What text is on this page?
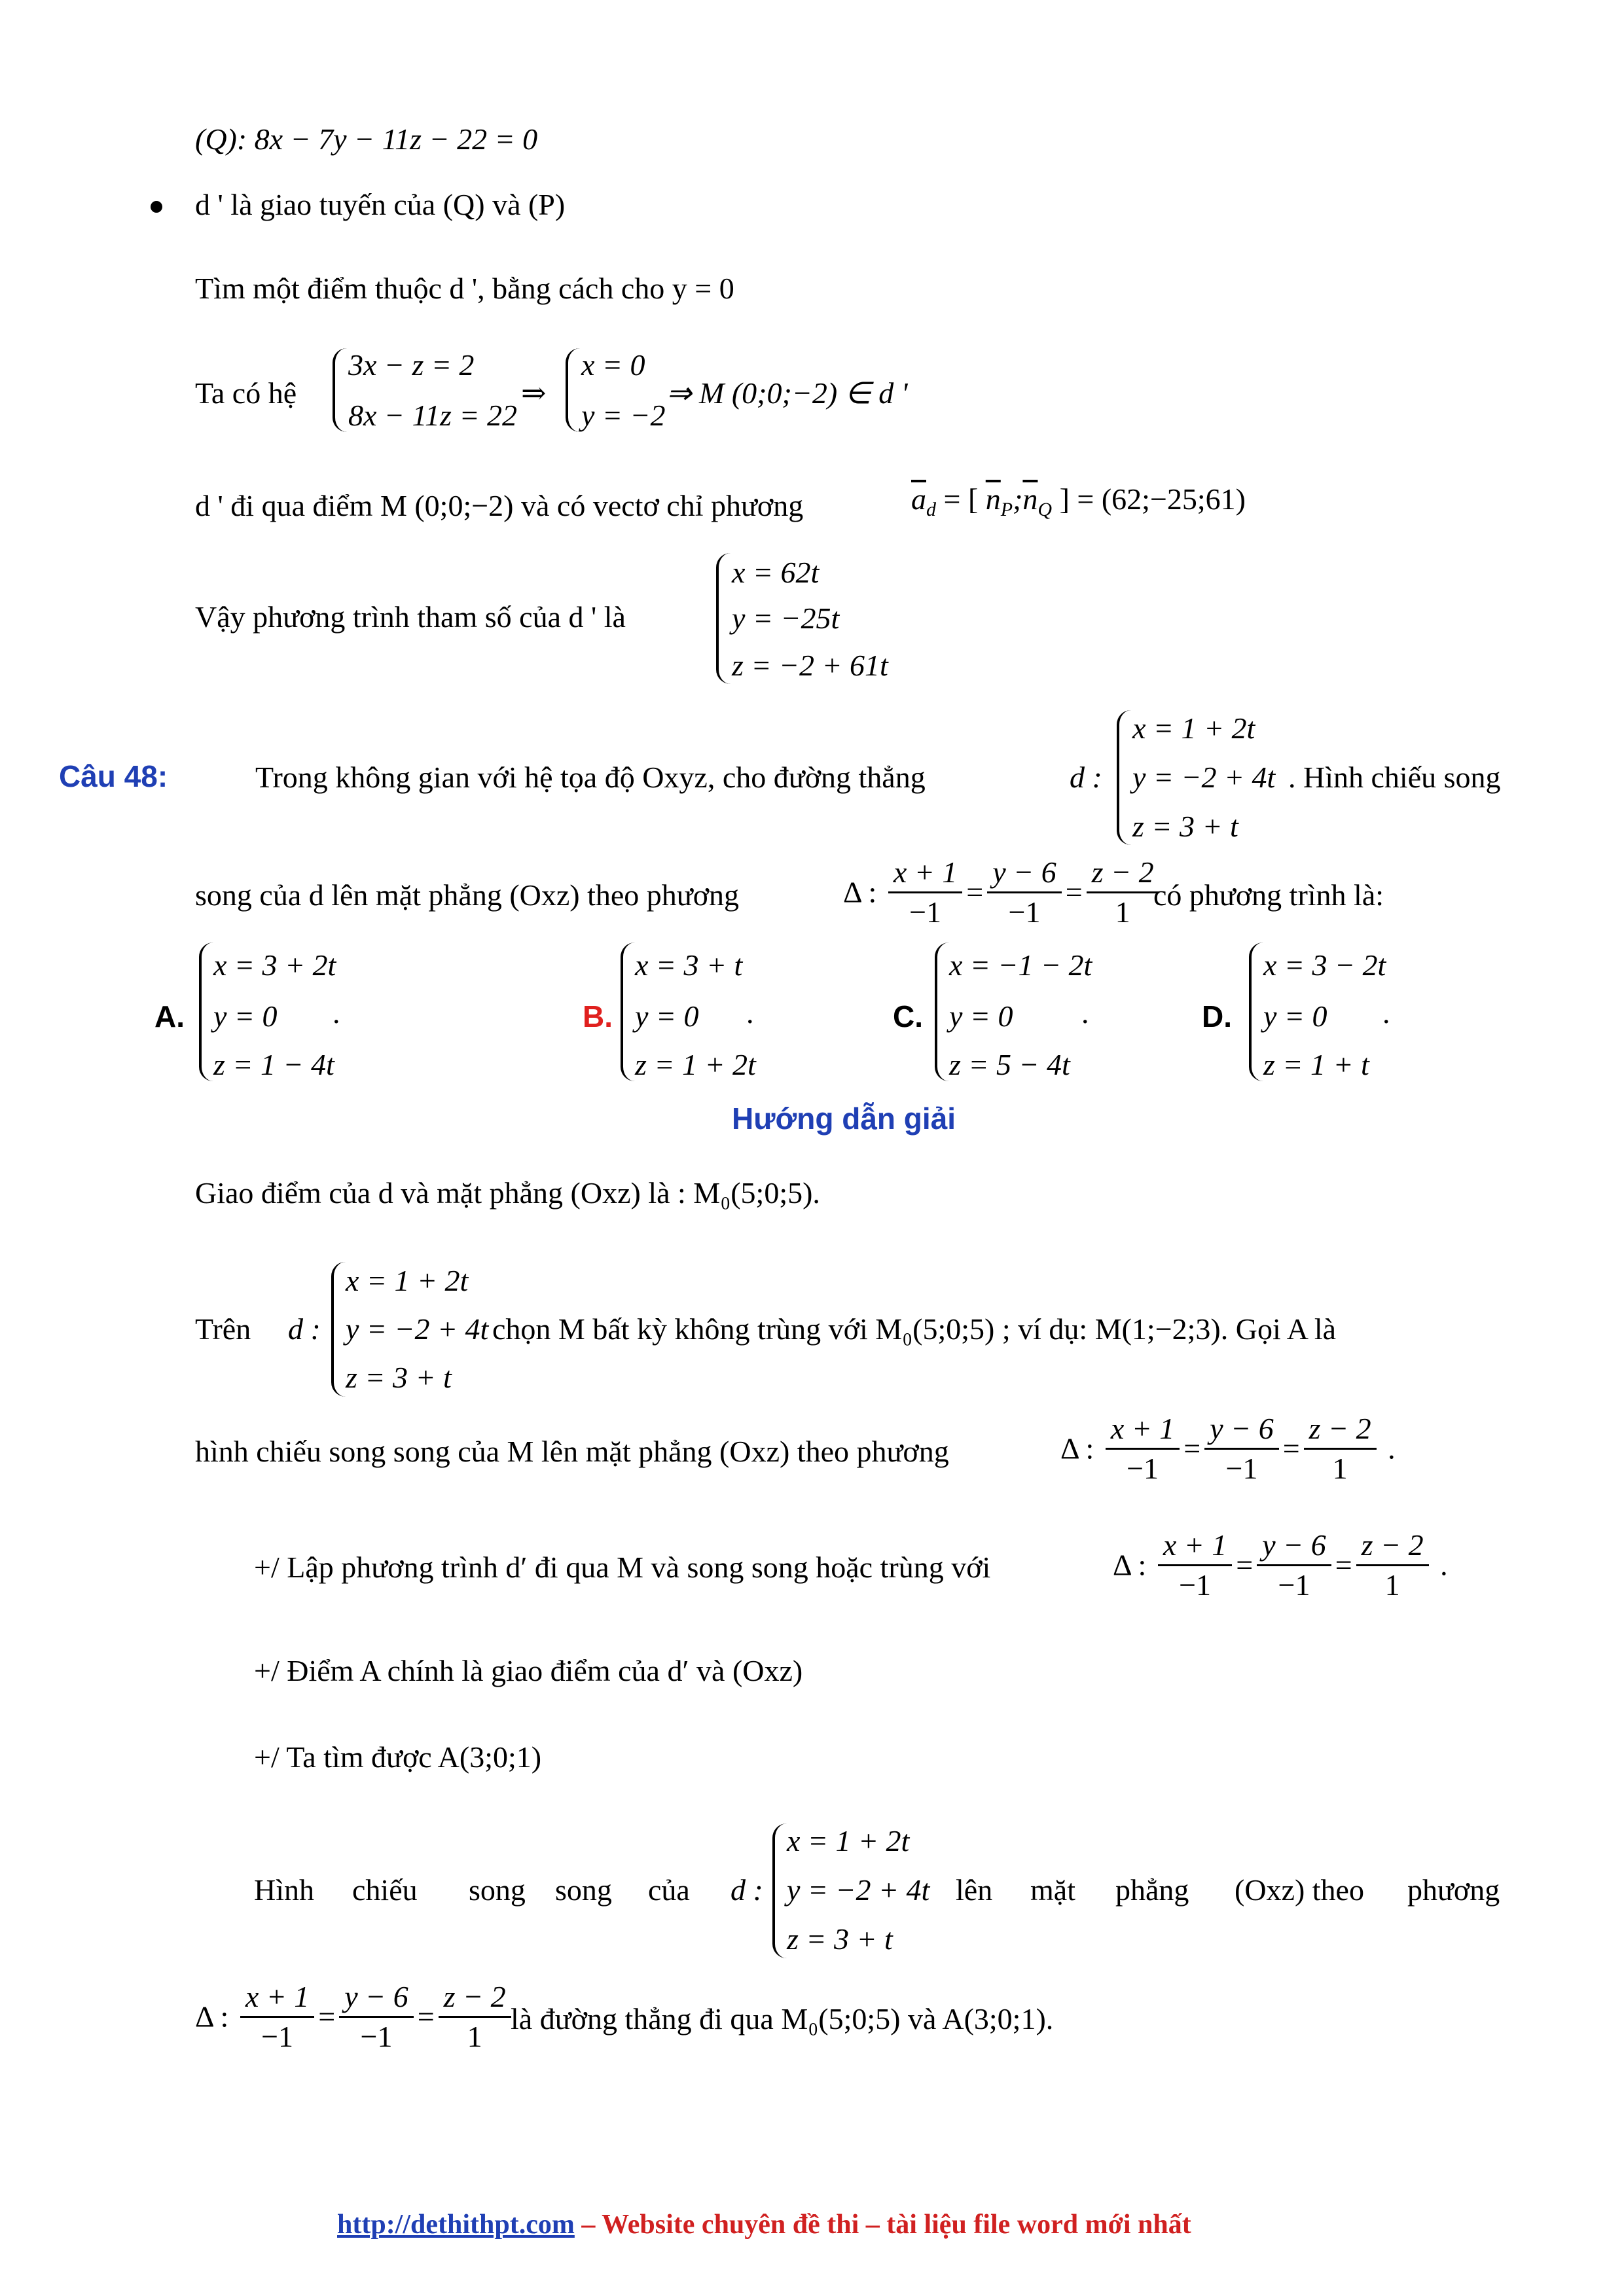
(Q): 8x − 7y − 11z − 22 = 0
d ' là giao tuyến của (Q) và (P)
Tìm một điểm thuộc d ', bằng cách cho y = 0
Ta có hệ
3x − z = 2
8x − 11z = 22
⇒
x = 0
y = −2
⇒ M (0;0;−2) ∈ d '
d ' đi qua điểm M (0;0;−2) và có vectơ chỉ phương	$\overline{a}_d$ = [ $\overline{n}_P;\overline{n}_Q$ ] = (62;−25;61)
Vậy phương trình tham số của d ' là
x = 62t
y = −25t
z = −2 + 61t
Câu 48:	Trong không gian với hệ tọa độ Oxyz, cho đường thẳng	d :
x = 1 + 2t
y = −2 + 4t
z = 3 + t
. Hình chiếu song
song của d lên mặt phẳng (Oxz) theo phương	Δ : $\frac{x + 1}{-1} = \frac{y - 6}{-1} = \frac{z - 2}{1}$
có phương trình là:
A.
x = 3 + 2t
y = 0
z = 1 − 4t
.	B.
x = 3 + t
y = 0
z = 1 + 2t
.	C.
x = −1 − 2t
y = 0
z = 5 − 4t
.	D.
x = 3 − 2t
y = 0
z = 1 + t
.
Hướng dẫn giải
Giao điểm của d và mặt phẳng (Oxz) là : M₀(5;0;5).
Trên d :
x = 1 + 2t
y = −2 + 4t
z = 3 + t
chọn M bất kỳ không trùng với M₀(5;0;5) ; ví dụ: M(1;−2;3). Gọi A là
hình chiếu song song của M lên mặt phẳng (Oxz) theo phương	Δ : $\frac{x + 1}{-1} = \frac{y - 6}{-1} = \frac{z - 2}{1}$ .
+/ Lập phương trình d′ đi qua M và song song hoặc trùng với	Δ : $\frac{x + 1}{-1} = \frac{y - 6}{-1} = \frac{z - 2}{1}$ .
+/ Điểm A chính là giao điểm của d′ và (Oxz)
+/ Ta tìm được A(3;0;1)
Hình chiếu song song của d :
x = 1 + 2t
y = −2 + 4t
z = 3 + t
lên mặt phẳng (Oxz) theo phương
Δ : $\frac{x + 1}{-1} = \frac{y - 6}{-1} = \frac{z - 2}{1}$ là đường thẳng đi qua M₀(5;0;5) và A(3;0;1).
http://dethithpt.com – Website chuyên đề thi – tài liệu file word mới nhất
